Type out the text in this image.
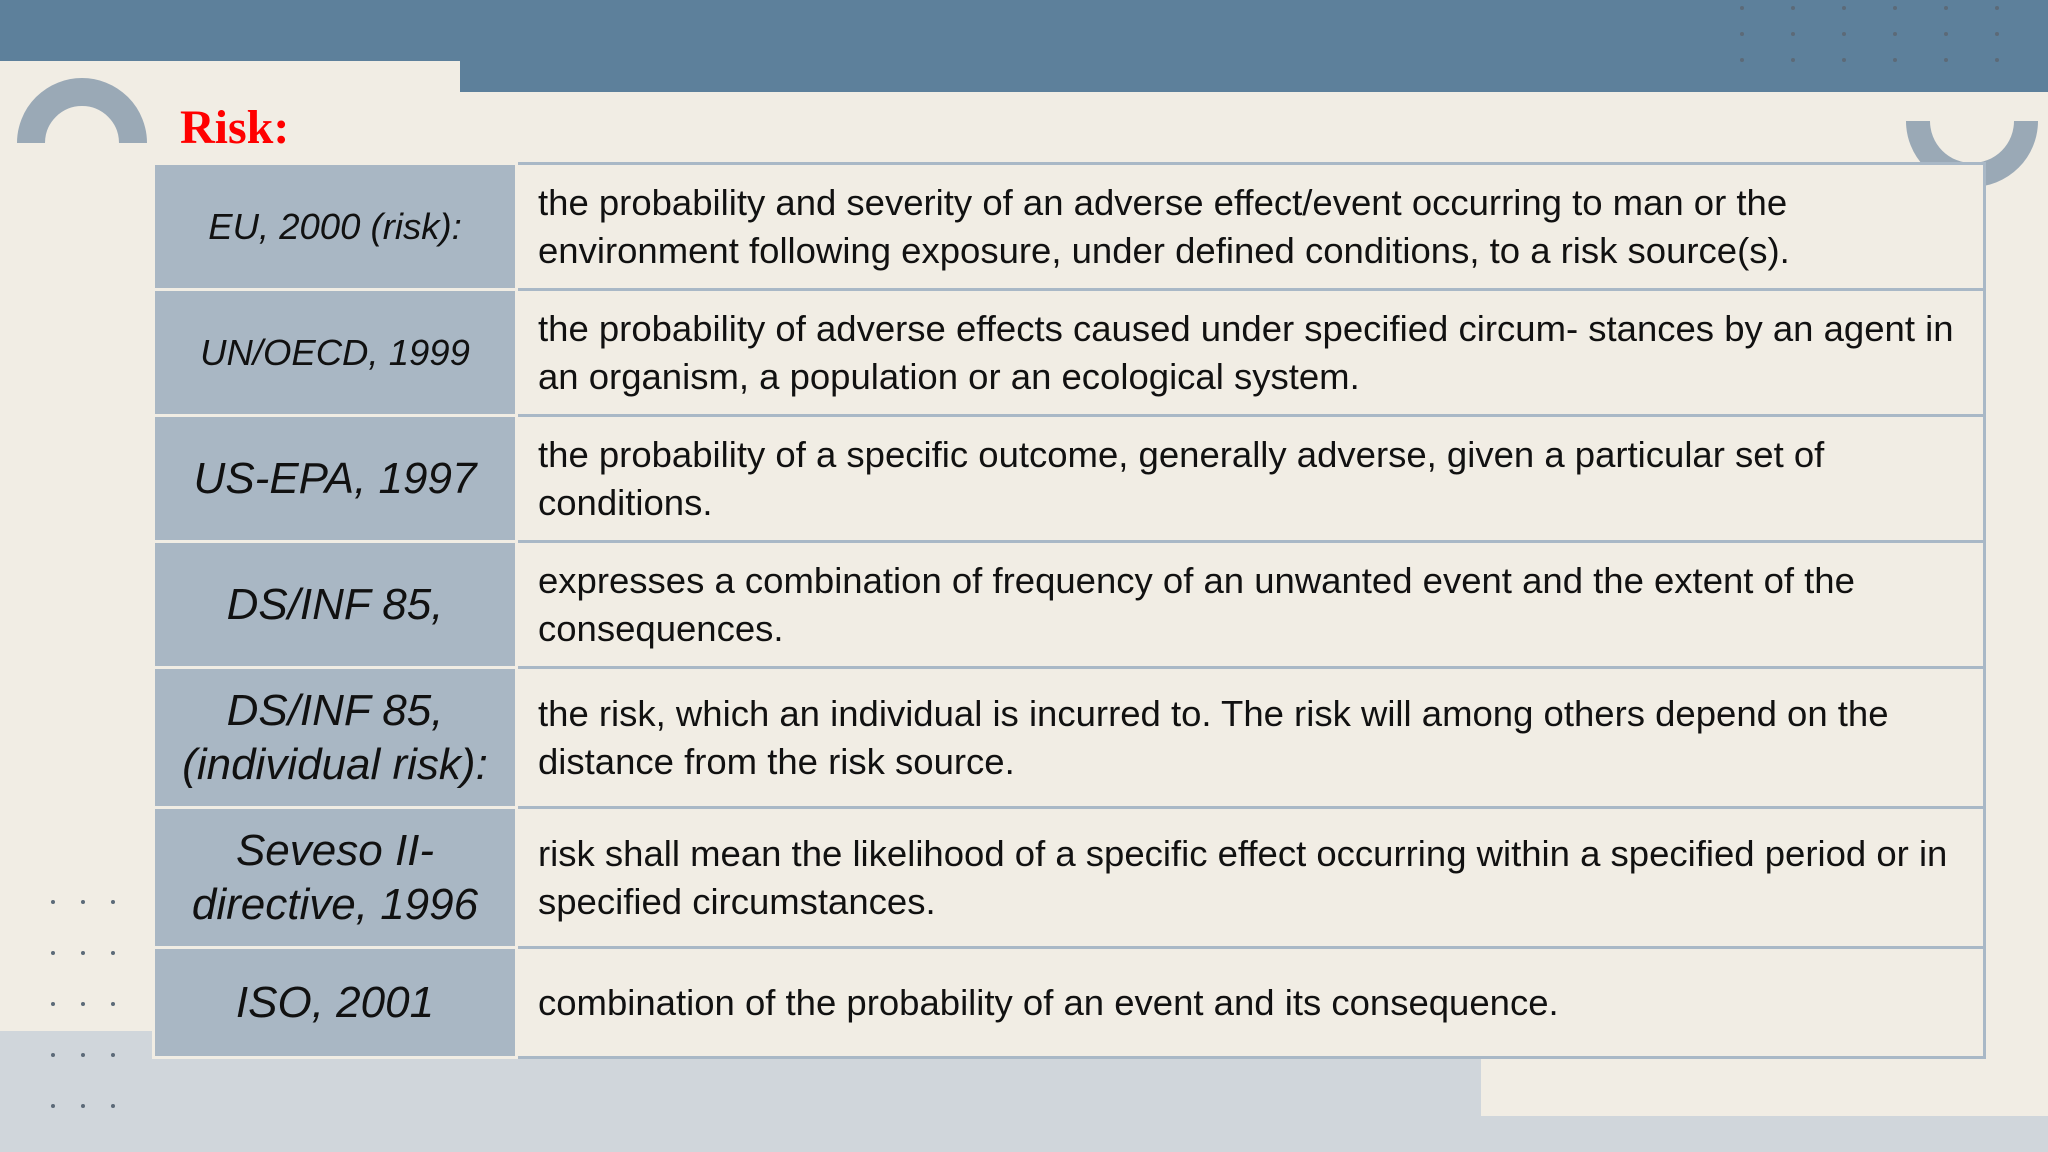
Risk:
EU, 2000 (risk):	the probability and severity of an adverse effect/event occurring to man or the environment following exposure, under defined conditions, to a risk source(s).
UN/OECD, 1999	the probability of adverse effects caused under specified circum- stances by an agent in an organism, a population or an ecological system.
US-EPA, 1997	the probability of a specific outcome, generally adverse, given a particular set of conditions.
DS/INF 85,	expresses a combination of frequency of an unwanted event and the extent of the consequences.
DS/INF 85, (individual risk):	the risk, which an individual is incurred to. The risk will among others depend on the distance from the risk source.
Seveso II-directive, 1996	risk shall mean the likelihood of a specific effect occurring within a specified period or in specified circumstances.
ISO, 2001	combination of the probability of an event and its consequence.
